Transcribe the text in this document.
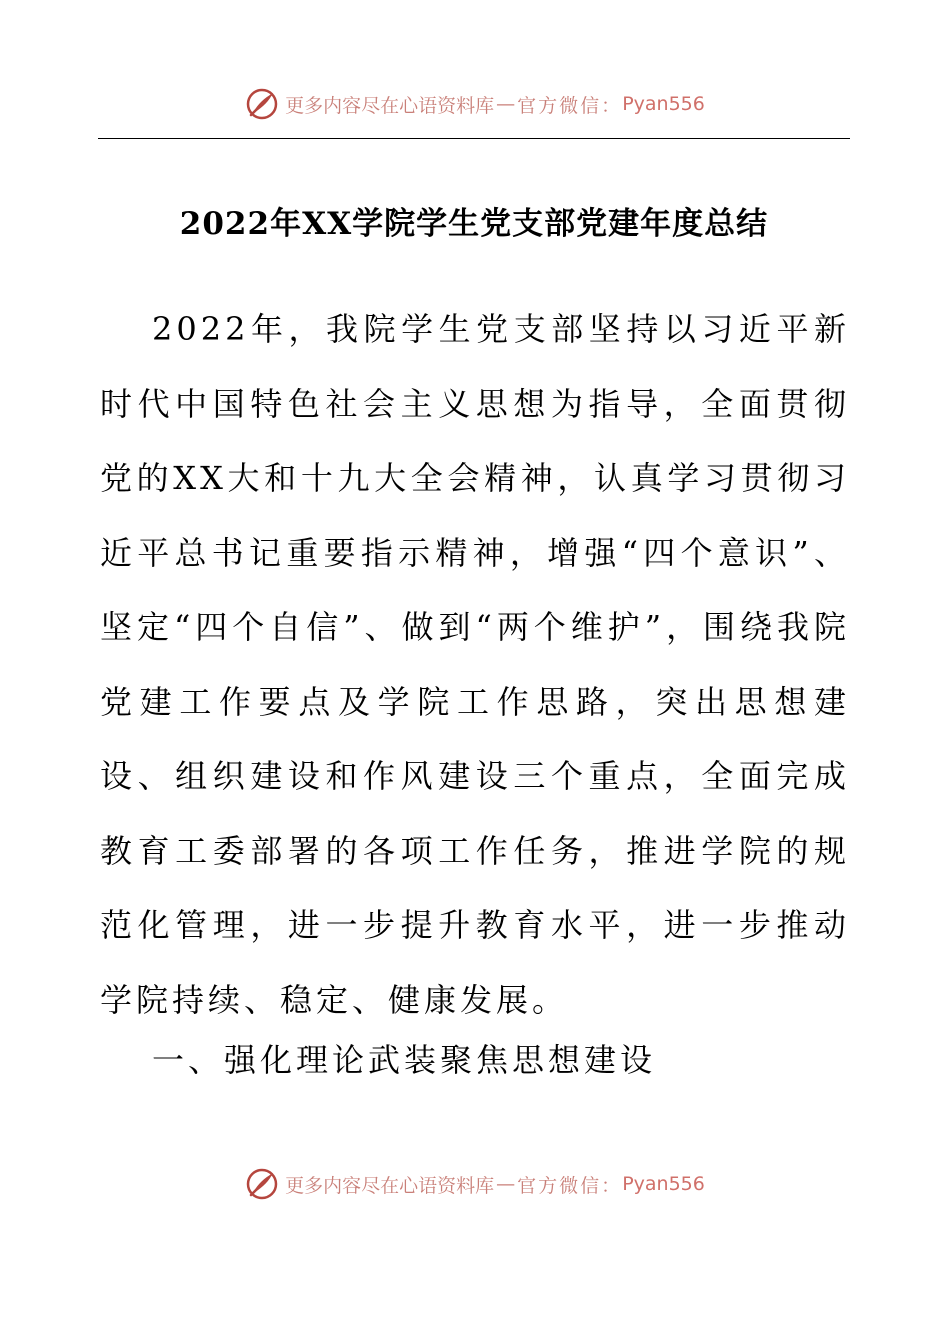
更多内容尽在心语资料库 — 官方微信： Pyan556
2022年XX学院学生党支部党建年度总结

2022年，我院学生党支部坚持以习近平新时代中国特色社会主义思想为指导，全面贯彻党的XX大和十九大全会精神，认真学习贯彻习近平总书记重要指示精神，增强“四个意识”、坚定“四个自信”、做到“两个维护”，围绕我院党建工作要点及学院工作思路，突出思想建设、组织建设和作风建设三个重点，全面完成教育工委部署的各项工作任务，推进学院的规范化管理，进一步提升教育水平，进一步推动学院持续、稳定、健康发展。

一、强化理论武装聚焦思想建设

更多内容尽在心语资料库 — 官方微信： Pyan556
